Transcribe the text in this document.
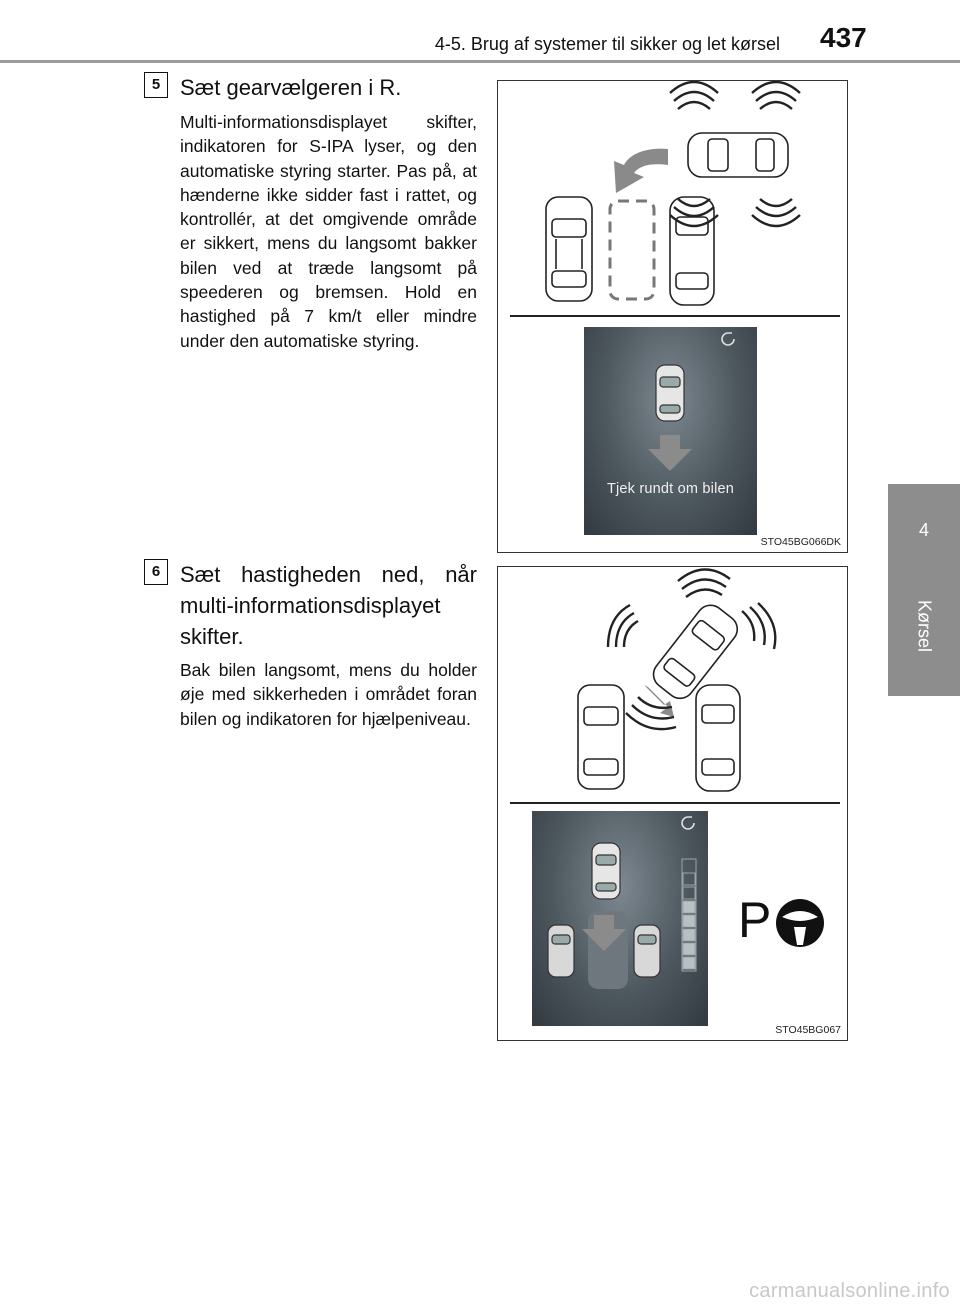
4-5. Brug af systemer til sikker og let kørsel 437
4
Kørsel
5 Sæt gearvælgeren i R.
Multi-informationsdisplayet skifter, indikatoren for S-IPA lyser, og den automatiske styring starter. Pas på, at hænderne ikke sidder fast i rattet, og kontrollér, at det omgivende område er sikkert, mens du langsomt bakker bilen ved at træde langsomt på speederen og bremsen. Hold en hastighed på 7 km/t eller mindre under den automatiske styring.
Tjek rundt om bilen
STO45BG066DK
6 Sæt hastigheden ned, når multi-informationsdisplayet skifter.
Bak bilen langsomt, mens du holder øje med sikkerheden i området foran bilen og indikatoren for hjælpeniveau.
P
STO45BG067
carmanualsonline.info
